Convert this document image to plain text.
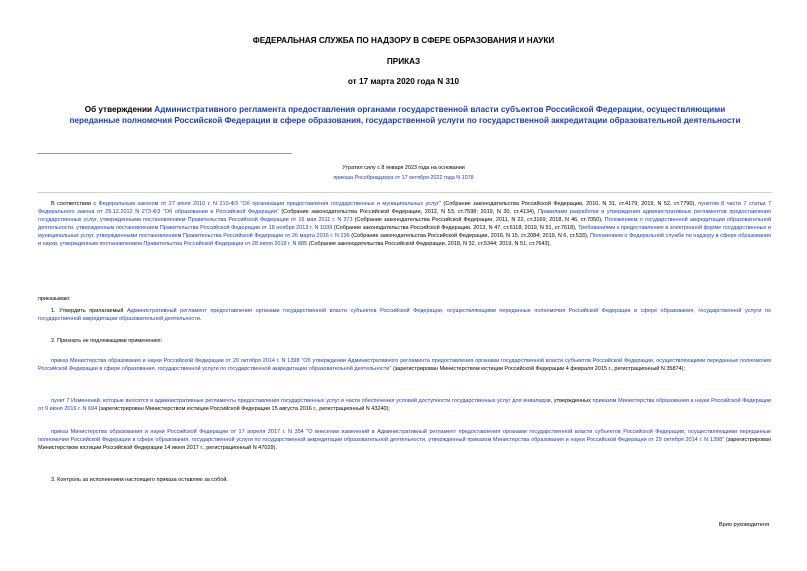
ФЕДЕРАЛЬНАЯ СЛУЖБА ПО НАДЗОРУ В СФЕРЕ ОБРАЗОВАНИЯ И НАУКИ
ПРИКАЗ
от 17 марта 2020 года N 310
Об утверждении Административного регламента предоставления органами государственной власти субъектов Российской Федерации, осуществляющими переданные полномочия Российской Федерации в сфере образования, государственной услуги по государственной аккредитации образовательной деятельности
Утратил силу с 8 января 2023 года на основании
приказа Рособрнадзора от 17 октября 2022 года N 1078
В соответствии с Федеральным законом от 27 июля 2010 г. N 210-ФЗ "Об организации предоставления государственных и муниципальных услуг" (Собрание законодательства Российской Федерации, 2010, N 31, ст.4179; 2019, N 52, ст.7790), пунктом 8 части 7 статьи 7 Федерального закона от 29.12.2012 N 273-ФЗ "Об образовании в Российской Федерации" (Собрание законодательства Российской Федерации, 2012, N 53, ст.7598; 2019, N 30, ст.4134), Правилами разработки и утверждения административных регламентов предоставления государственных услуг, утвержденными постановлением Правительства Российской Федерации от 16 мая 2011 г. N 373 (Собрание законодательства Российской Федерации, 2011, N 22, ст.3169; 2018, N 46, ст.7050), Положением о государственной аккредитации образовательной деятельности, утвержденным постановлением Правительства Российской Федерации от 18 ноября 2013 г. N 1039 (Собрание законодательства Российской Федерации, 2013, N 47, ст.6118; 2019, N 51, ст.7618), Требованиями к предоставлению в электронной форме государственных и муниципальных услуг, утвержденными постановлением Правительства Российской Федерации от 26 марта 2016 г. N 236 (Собрание законодательства Российской Федерации, 2016, N 15, ст.2084; 2019, N 6, ст.533), Положением о Федеральной службе по надзору в сфере образования и науки, утвержденным постановлением Правительства Российской Федерации от 28 июля 2018 г. N 885 (Собрание законодательства Российской Федерации, 2018, N 32, ст.5344; 2019, N 51, ст.7643),
приказываю:
1. Утвердить прилагаемый Административный регламент предоставления органами государственной власти субъектов Российской Федерации, осуществляющими переданные полномочия Российской Федерации в сфере образования, государственной услуги по государственной аккредитации образовательной деятельности.
2. Признать не подлежащими применению:
приказ Министерства образования и науки Российской Федерации от 29 октября 2014 г. N 1398 "Об утверждении Административного регламента предоставления органами государственной власти субъектов Российской Федерации, осуществляющими переданные полномочия Российской Федерации в сфере образования, государственной услуги по государственной аккредитации образовательной деятельности" (зарегистрирован Министерством юстиции Российской Федерации 4 февраля 2015 г., регистрационный N 35874);
пункт 7 Изменений, которые вносятся в административные регламенты предоставления государственных услуг в части обеспечения условий доступности государственных услуг для инвалидов, утвержденных приказом Министерства образования и науки Российской Федерации от 9 июня 2016 г. N 694 (зарегистрирован Министерством юстиции Российской Федерации 15 августа 2016 г., регистрационный N 43240);
приказ Министерства образования и науки Российской Федерации от 17 апреля 2017 г. N 354 "О внесении изменений в Административный регламент предоставления органами государственной власти субъектов Российской Федерации, осуществляющими переданные полномочия Российской Федерации в сфере образования, государственной услуги по государственной аккредитации образовательной деятельности, утвержденный приказом Министерства образования и науки Российской Федерации от 29 октября 2014 г. N 1398" (зарегистрирован Министерством юстиции Российской Федерации 14 июня 2017 г., регистрационный N 47029).
3. Контроль за исполнением настоящего приказа оставляю за собой.
Врио руководителя
